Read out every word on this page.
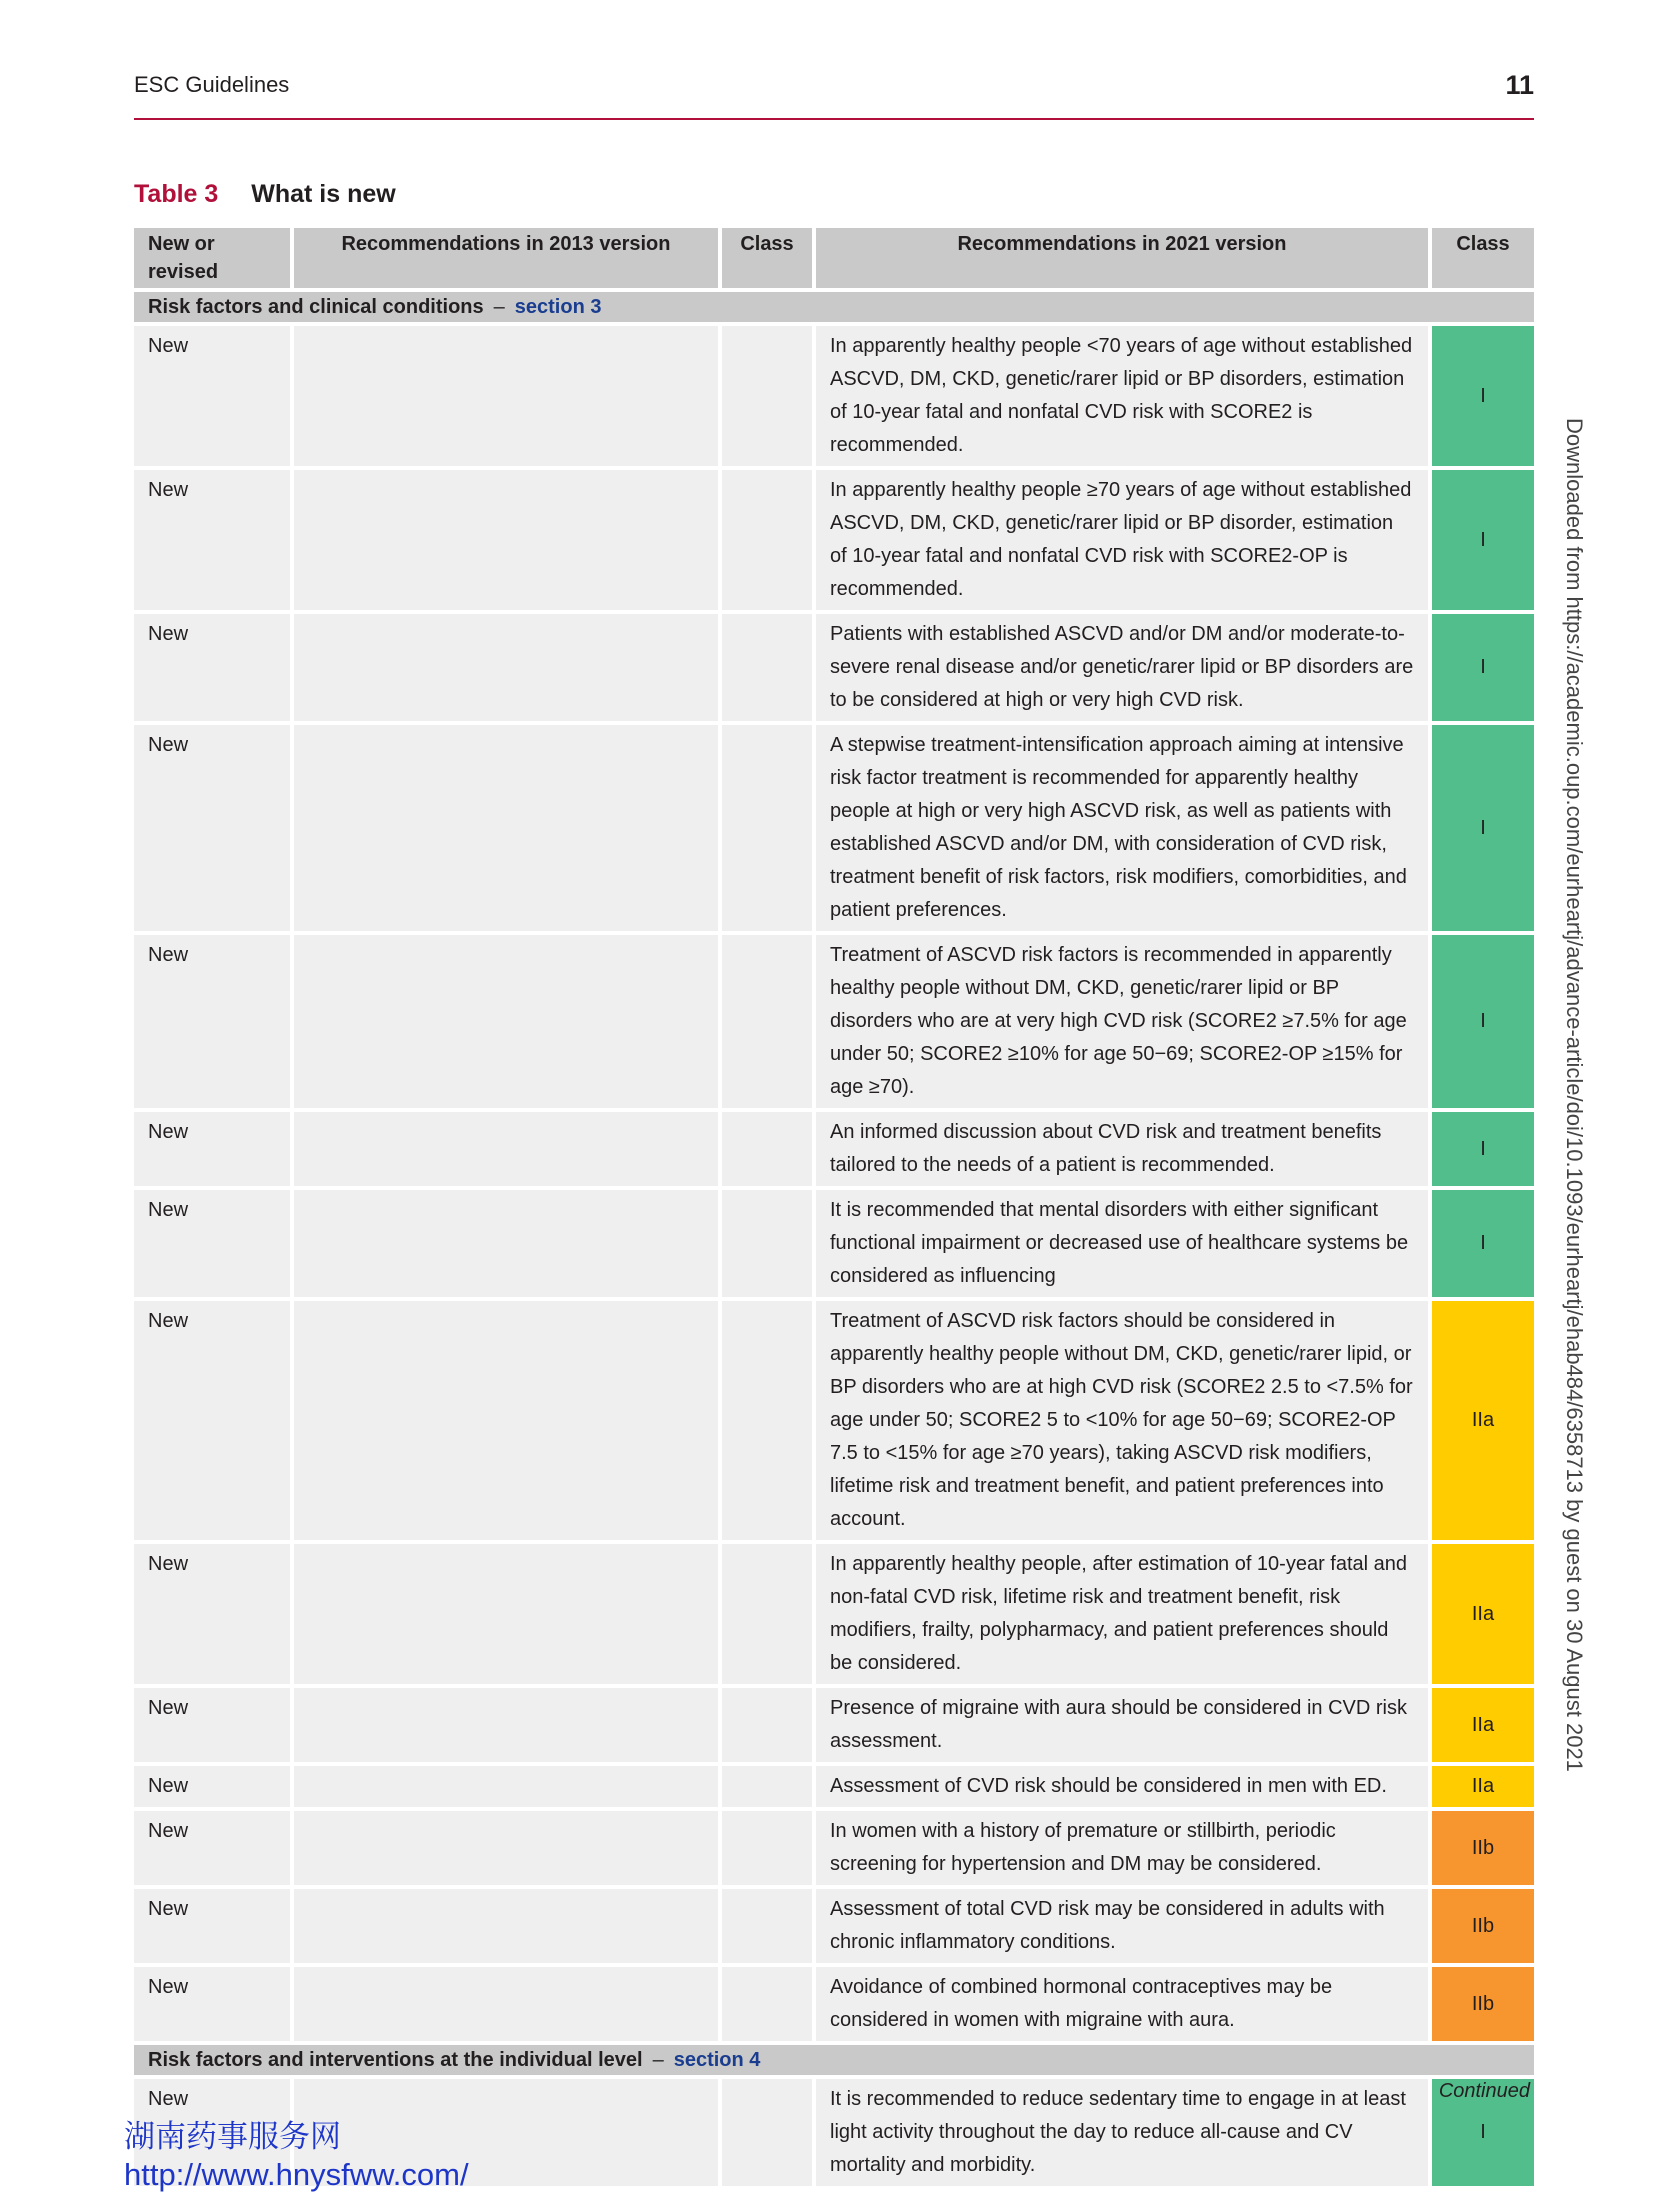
ESC Guidelines	11
Table 3 What is new
New or revised	Recommendations in 2013 version	Class	Recommendations in 2021 version	Class
Risk factors and clinical conditions – section 3				
New			In apparently healthy people <70 years of age without established ASCVD, DM, CKD, genetic/rarer lipid or BP disorders, estimation of 10-year fatal and nonfatal CVD risk with SCORE2 is recommended.	I
New			In apparently healthy people ≥70 years of age without established ASCVD, DM, CKD, genetic/rarer lipid or BP disorder, estimation of 10-year fatal and nonfatal CVD risk with SCORE2-OP is recommended.	I
New			Patients with established ASCVD and/or DM and/or moderate-to-severe renal disease and/or genetic/rarer lipid or BP disorders are to be considered at high or very high CVD risk.	I
New			A stepwise treatment-intensification approach aiming at intensive risk factor treatment is recommended for apparently healthy people at high or very high ASCVD risk, as well as patients with established ASCVD and/or DM, with consideration of CVD risk, treatment benefit of risk factors, risk modifiers, comorbidities, and patient preferences.	I
New			Treatment of ASCVD risk factors is recommended in apparently healthy people without DM, CKD, genetic/rarer lipid or BP disorders who are at very high CVD risk (SCORE2 ≥7.5% for age under 50; SCORE2 ≥10% for age 50−69; SCORE2-OP ≥15% for age ≥70).	I
New			An informed discussion about CVD risk and treatment benefits tailored to the needs of a patient is recommended.	I
New			It is recommended that mental disorders with either significant functional impairment or decreased use of healthcare systems be considered as influencing	I
New			Treatment of ASCVD risk factors should be considered in apparently healthy people without DM, CKD, genetic/rarer lipid, or BP disorders who are at high CVD risk (SCORE2 2.5 to <7.5% for age under 50; SCORE2 5 to <10% for age 50−69; SCORE2-OP 7.5 to <15% for age ≥70 years), taking ASCVD risk modifiers, lifetime risk and treatment benefit, and patient preferences into account.	IIa
New			In apparently healthy people, after estimation of 10-year fatal and non-fatal CVD risk, lifetime risk and treatment benefit, risk modifiers, frailty, polypharmacy, and patient preferences should be considered.	IIa
New			Presence of migraine with aura should be considered in CVD risk assessment.	IIa
New			Assessment of CVD risk should be considered in men with ED.	IIa
New			In women with a history of premature or stillbirth, periodic screening for hypertension and DM may be considered.	IIb
New			Assessment of total CVD risk may be considered in adults with chronic inflammatory conditions.	IIb
New			Avoidance of combined hormonal contraceptives may be considered in women with migraine with aura.	IIb
Risk factors and interventions at the individual level – section 4				
New			It is recommended to reduce sedentary time to engage in at least light activity throughout the day to reduce all-cause and CV mortality and morbidity.	I
Continued
Downloaded from https://academic.oup.com/eurheartj/advance-article/doi/10.1093/eurheartj/ehab484/6358713 by guest on 30 August 2021
湖南药事服务网
http://www.hnysfww.com/
